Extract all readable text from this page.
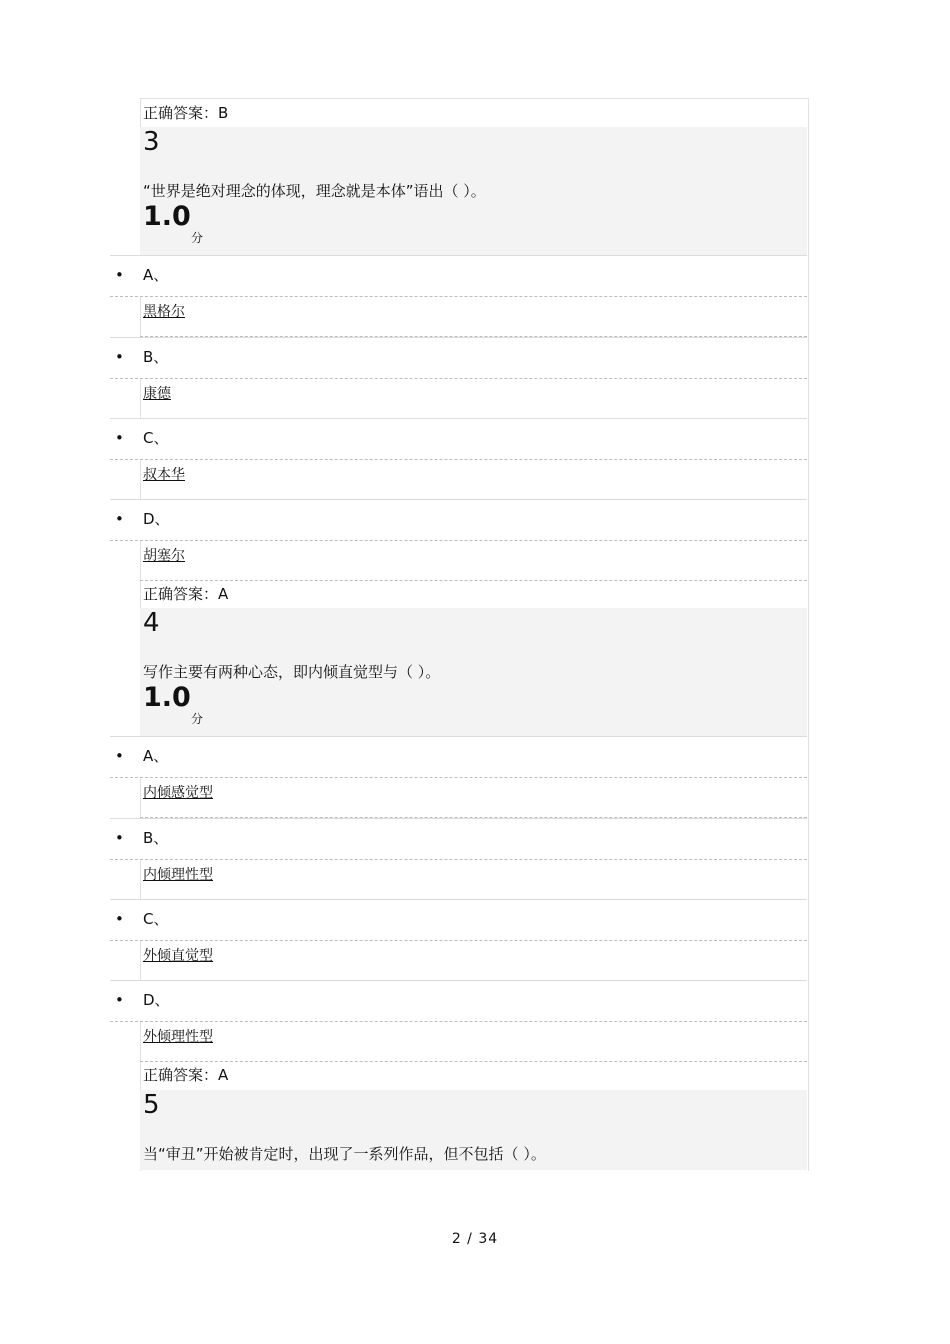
正确答案：B
3
“世界是绝对理念的体现，理念就是本体”语出（ ）。
1.0
分
• A、
黑格尔
• B、
康德
• C、
叔本华
• D、
胡塞尔
正确答案：A
4
写作主要有两种心态，即内倾直觉型与（ ）。
1.0
分
• A、
内倾感觉型
• B、
内倾理性型
• C、
外倾直觉型
• D、
外倾理性型
正确答案：A
5
当“审丑”开始被肯定时，出现了一系列作品，但不包括（ ）。
2 / 34
